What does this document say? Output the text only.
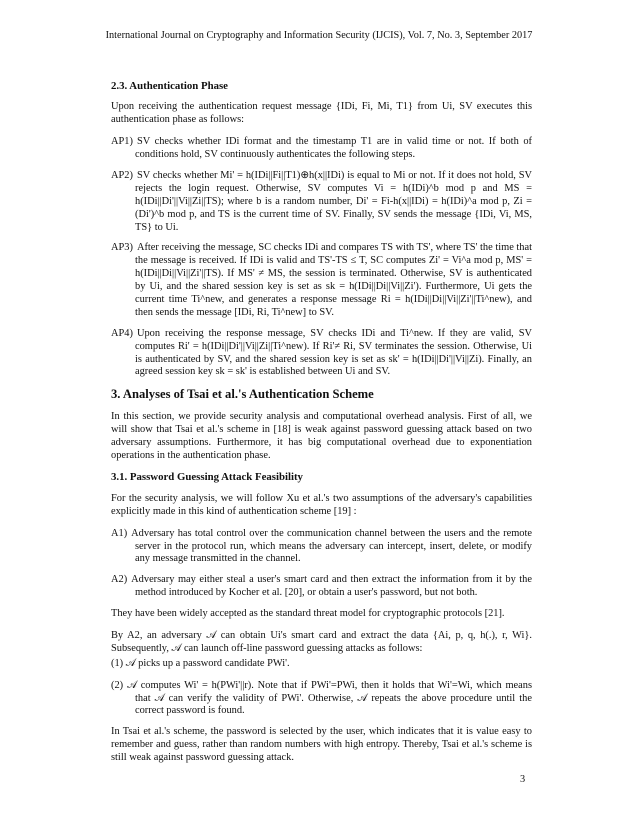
International Journal on Cryptography and Information Security (IJCIS), Vol. 7, No. 3, September 2017
2.3. Authentication Phase

Upon receiving the authentication request message {IDi, Fi, Mi, T1} from Ui, SV executes this authentication phase as follows:

AP1) SV checks whether IDi format and the timestamp T1 are in valid time or not. If both of conditions hold, SV continuously authenticates the following steps.
AP2) SV checks whether Mi' = h(IDi||Fi||T1)⊕h(x||IDi) is equal to Mi or not. If it does not hold, SV rejects the login request. Otherwise, SV computes Vi = h(IDi)^b mod p and MS = h(IDi||Di'||Vi||Zi||TS); where b is a random number, Di' = Fi-h(x||IDi) = h(IDi)^a mod p, Zi = (Di')^b mod p, and TS is the current time of SV. Finally, SV sends the message {IDi, Vi, MS, TS} to Ui.
AP3) After receiving the message, SC checks IDi and compares TS with TS', where TS' the time that the message is received. If IDi is valid and TS'-TS ≤ T, SC computes Zi' = Vi^a mod p, MS' = h(IDi||Di||Vi||Zi'||TS). If MS' ≠ MS, the session is terminated. Otherwise, SV is authenticated by Ui, and the shared session key is set as sk = h(IDi||Di||Vi||Zi'). Furthermore, Ui gets the current time Ti^new, and generates a response message Ri = h(IDi||Di||Vi||Zi'||Ti^new), and then sends the message [IDi, Ri, Ti^new] to SV.
AP4) Upon receiving the response message, SV checks IDi and Ti^new. If they are valid, SV computes Ri' = h(IDi||Di'||Vi||Zi||Ti^new). If Ri'≠ Ri, SV terminates the session. Otherwise, Ui is authenticated by SV, and the shared session key is set as sk' = h(IDi||Di'||Vi||Zi). Finally, an agreed session key sk = sk' is established between Ui and SV.
3. Analyses of Tsai et al.'s Authentication Scheme

In this section, we provide security analysis and computational overhead analysis. First of all, we will show that Tsai et al.'s scheme in [18] is weak against password guessing attack based on two adversary assumptions. Furthermore, it has big computational overhead due to exponentiation operations in the authentication phase.

3.1. Password Guessing Attack Feasibility

For the security analysis, we will follow Xu et al.'s two assumptions of the adversary's capabilities explicitly made in this kind of authentication scheme [19] :

A1) Adversary has total control over the communication channel between the users and the remote server in the protocol run, which means the adversary can intercept, insert, delete, or modify any message transmitted in the channel.
A2) Adversary may either steal a user's smart card and then extract the information from it by the method introduced by Kocher et al. [20], or obtain a user's password, but not both.

They have been widely accepted as the standard threat model for cryptographic protocols [21].

By A2, an adversary 𝒜 can obtain Ui's smart card and extract the data {Ai, p, q, h(.), r, Wi}. Subsequently, 𝒜 can launch off-line password guessing attacks as follows:

(1) 𝒜 picks up a password candidate PWi'.

(2) 𝒜 computes Wi' = h(PWi'||r). Note that if PWi'=PWi, then it holds that Wi'=Wi, which means that 𝒜 can verify the validity of PWi'. Otherwise, 𝒜 repeats the above procedure until the correct password is found.

In Tsai et al.'s scheme, the password is selected by the user, which indicates that it is value easy to remember and guess, rather than random numbers with high entropy. Thereby, Tsai et al.'s scheme is still weak against password guessing attack.

3
